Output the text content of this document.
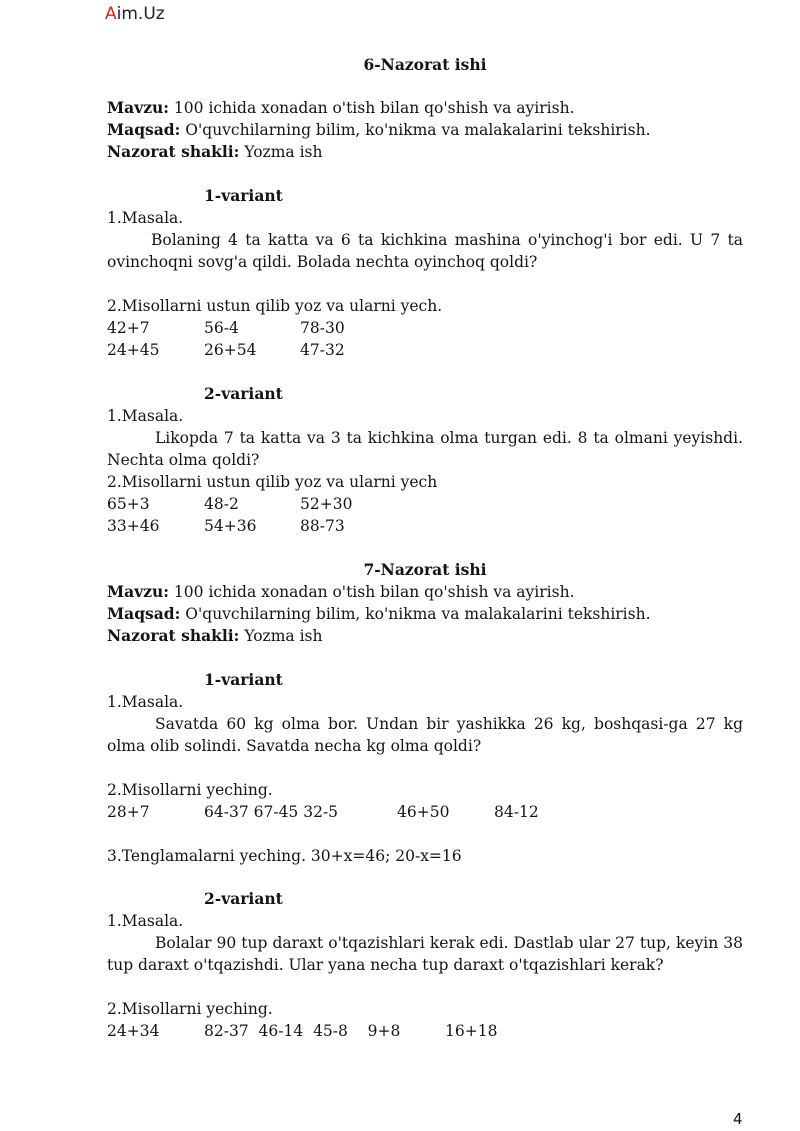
Aim.Uz
6-Nazorat ishi
Mavzu: 100 ichida xonadan o'tish bilan qo'shish va ayirish.
Maqsad: O'quvchilarning bilim, ko'nikma va malakalarini tekshirish.
Nazorat shakli: Yozma ish
1-variant
1.Masala.
Bolaning 4 ta katta va 6 ta kichkina mashina o'yinchog'i bor edi. U 7 ta ovinchoqni sovg'a qildi. Bolada nechta oyinchoq qoldi?
2.Misollarni ustun qilib yoz va ularni yech.
42+7	56-4	78-30
24+45	26+54	47-32
2-variant
1.Masala.
Likopda 7 ta katta va 3 ta kichkina olma turgan edi. 8 ta olmani yeyishdi. Nechta olma qoldi?
2.Misollarni ustun qilib yoz va ularni yech
65+3	48-2	52+30
33+46	54+36	88-73
7-Nazorat ishi
Mavzu: 100 ichida xonadan o'tish bilan qo'shish va ayirish.
Maqsad: O'quvchilarning bilim, ko'nikma va malakalarini tekshirish.
Nazorat shakli: Yozma ish
1-variant
1.Masala.
Savatda 60 kg olma bor. Undan bir yashikka 26 kg, boshqasi-ga 27 kg olma olib solindi. Savatda necha kg olma qoldi?
2.Misollarni yeching.
28+7	64-37 67-45 32-5	46+50	84-12
3.Tenglamalarni yeching. 30+x=46; 20-x=16
2-variant
1.Masala.
Bolalar 90 tup daraxt o'tqazishlari kerak edi. Dastlab ular 27 tup, keyin 38 tup daraxt o'tqazishdi. Ular yana necha tup daraxt o'tqazishlari kerak?
2.Misollarni yeching.
24+34	82-37  46-14  45-8    9+8	16+18
4
